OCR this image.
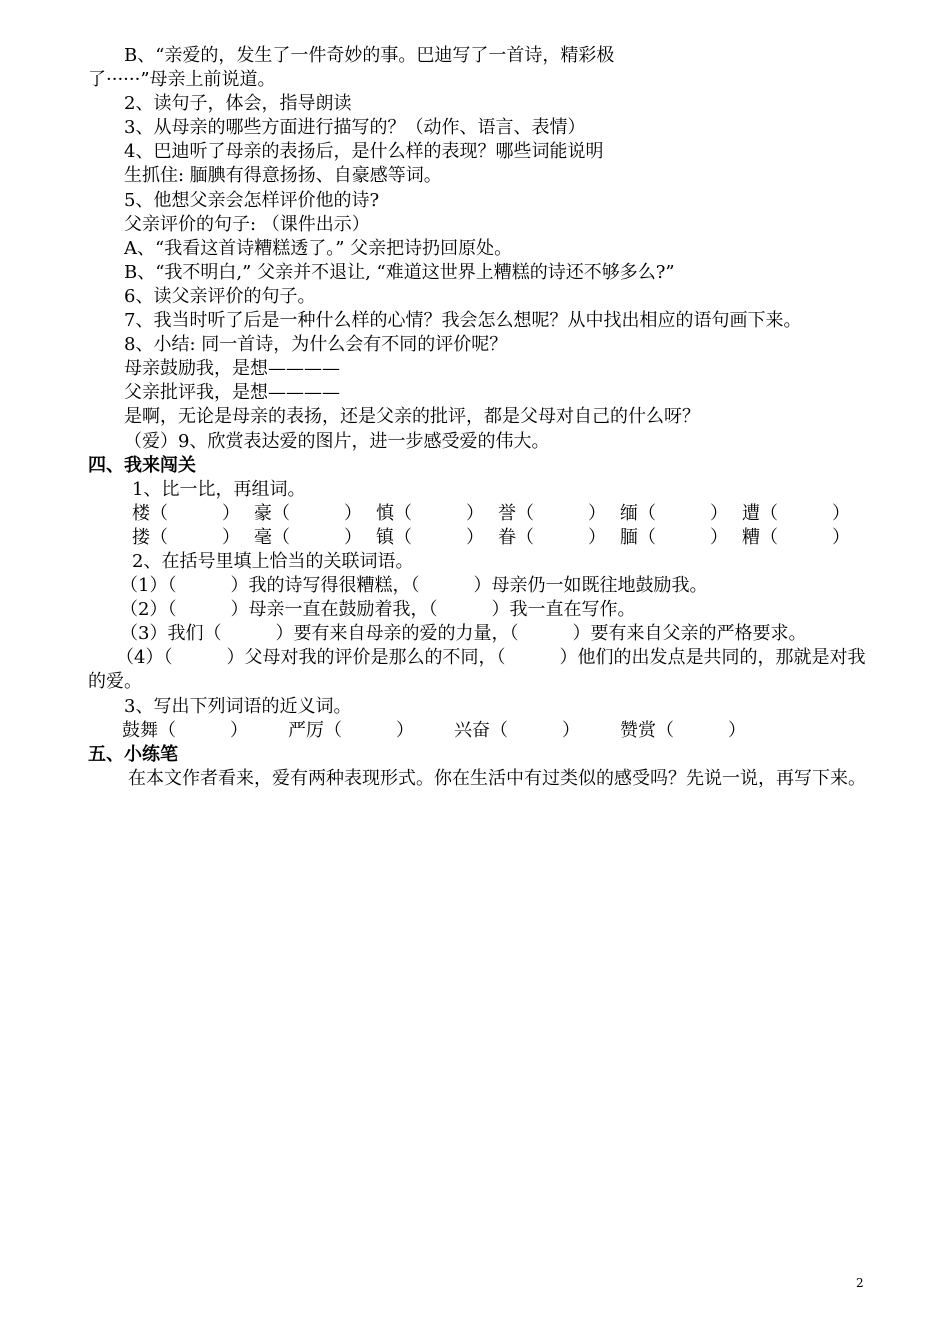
B、“亲爱的，发生了一件奇妙的事。巴迪写了一首诗，精彩极
了······”母亲上前说道。
2、读句子，体会，指导朗读
3、从母亲的哪些方面进行描写的？（动作、语言、表情）
4、巴迪听了母亲的表扬后，是什么样的表现？哪些词能说明
生抓住: 腼腆有得意扬扬、自豪感等词。
5、他想父亲会怎样评价他的诗?
父亲评价的句子: （课件出示）
A、“我看这首诗糟糕透了。” 父亲把诗扔回原处。
B、“我不明白,” 父亲并不退让, “难道这世界上糟糕的诗还不够多么?”
6、读父亲评价的句子。
7、我当时听了后是一种什么样的心情？我会怎么想呢？从中找出相应的语句画下来。
8、小结: 同一首诗，为什么会有不同的评价呢？
母亲鼓励我，是想————
父亲批评我，是想————
是啊，无论是母亲的表扬，还是父亲的批评，都是父母对自己的什么呀？
（爱）9、欣赏表达爱的图片，进一步感受爱的伟大。
四、我来闯关
1、比一比，再组词。
楼（　　　） 豪（　　　） 慎（　　　） 誉（　　　） 缅（　　　） 遭（　　　）
搂（　　　） 毫（　　　） 镇（　　　） 眷（　　　） 腼（　　　） 糟（　　　）
2、在括号里填上恰当的关联词语。
（1）（　　　）我的诗写得很糟糕，（　　　）母亲仍一如既往地鼓励我。
（2）（　　　）母亲一直在鼓励着我，（　　　）我一直在写作。
（3）我们（　　　）要有来自母亲的爱的力量，（　　　）要有来自父亲的严格要求。
（4）（　　　）父母对我的评价是那么的不同，（　　　）他们的出发点是共同的，那就是对我的爱。
3、写出下列词语的近义词。
鼓舞（　　　）	严厉（　　　）	兴奋（　　　）	赞赏（　　　）
五、小练笔
在本文作者看来，爱有两种表现形式。你在生活中有过类似的感受吗？先说一说，再写下来。
2
